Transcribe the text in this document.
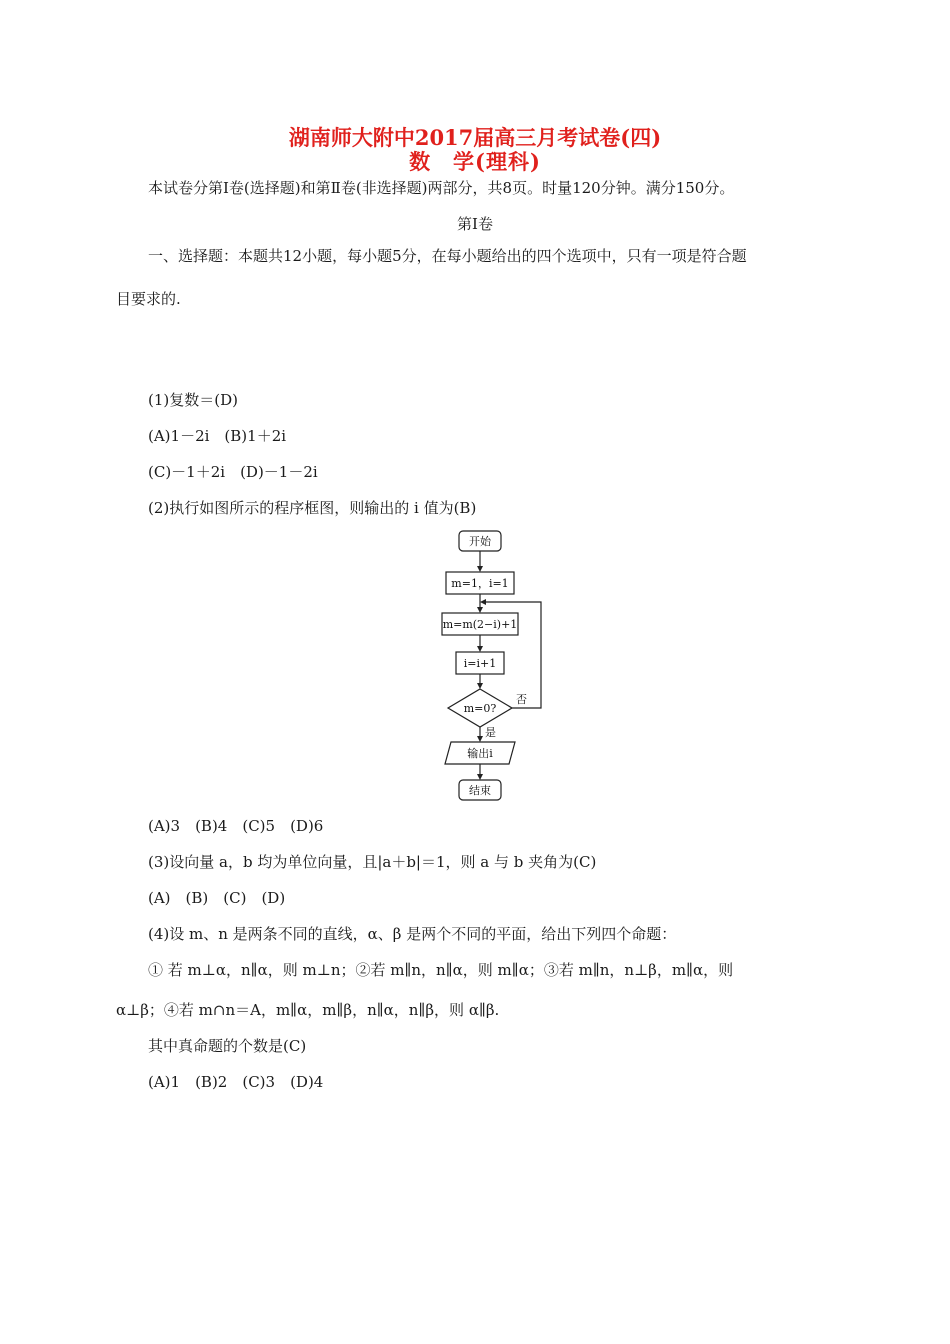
湖南师大附中2017届高三月考试卷(四)
数　学(理科)
本试卷分第Ⅰ卷(选择题)和第Ⅱ卷(非选择题)两部分，共8页。时量120分钟。满分150分。
第Ⅰ卷
一、选择题：本题共12小题，每小题5分，在每小题给出的四个选项中，只有一项是符合题
目要求的.
(1)复数＝(D)
(A)1－2i　(B)1＋2i
(C)－1＋2i　(D)－1－2i
(2)执行如图所示的程序框图，则输出的 i 值为(B)
开始
m=1，i=1
m=m(2−i)+1
i=i+1
m=0?
否
是
输出i
结束
(A)3　(B)4　(C)5　(D)6
(3)设向量 a，b 均为单位向量，且|a＋b|＝1，则 a 与 b 夹角为(C)
(A)　(B)　(C)　(D)
(4)设 m、n 是两条不同的直线，α、β 是两个不同的平面，给出下列四个命题：
① 若 m⊥α，n∥α，则 m⊥n；②若 m∥n，n∥α，则 m∥α；③若 m∥n，n⊥β，m∥α，则
α⊥β；④若 m∩n＝A，m∥α，m∥β，n∥α，n∥β，则 α∥β.
其中真命题的个数是(C)
(A)1　(B)2　(C)3　(D)4
